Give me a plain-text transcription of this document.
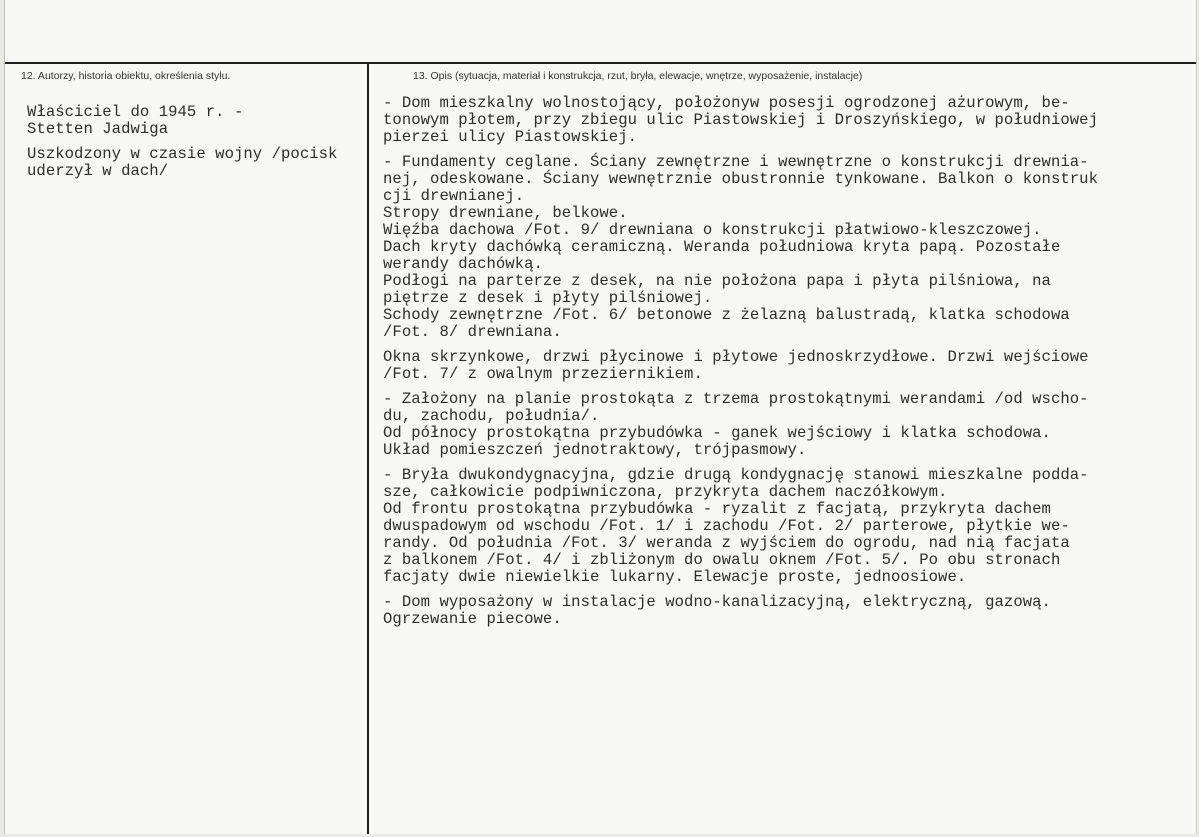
12. Autorzy, historia obiektu, określenia stylu.	13. Opis (sytuacja, materiał i konstrukcja, rzut, bryła, elewacje, wnętrze, wyposażenie, instalacje)

Właściciel do 1945 r. -
Stetten Jadwiga

Uszkodzony w czasie wojny /pocisk
uderzył w dach/

- Dom mieszkalny wolnostojący, położonyw posesji ogrodzonej ażurowym, be-
tonowym płotem, przy zbiegu ulic Piastowskiej i Droszyńskiego, w południowej
pierzei ulicy Piastowskiej.

- Fundamenty ceglane. Ściany zewnętrzne i wewnętrzne o konstrukcji drewnia-
nej, odeskowane. Ściany wewnętrznie obustronnie tynkowane. Balkon o konstruk
cji drewnianej.
Stropy drewniane, belkowe.
Więźba dachowa /Fot. 9/ drewniana o konstrukcji płatwiowo-kleszczowej.
Dach kryty dachówką ceramiczną. Weranda południowa kryta papą. Pozostałe
werandy dachówką.
Podłogi na parterze z desek, na nie położona papa i płyta pilśniowa, na
piętrze z desek i płyty pilśniowej.
Schody zewnętrzne /Fot. 6/ betonowe z żelazną balustradą, klatka schodowa
/Fot. 8/ drewniana.

Okna skrzynkowe, drzwi płycinowe i płytowe jednoskrzydłowe. Drzwi wejściowe
/Fot. 7/ z owalnym przeziernikiem.

- Założony na planie prostokąta z trzema prostokątnymi werandami /od wscho-
du, zachodu, południa/.
Od północy prostokątna przybudówka - ganek wejściowy i klatka schodowa.
Układ pomieszczeń jednotraktowy, trójpasmowy.

- Bryła dwukondygnacyjna, gdzie drugą kondygnację stanowi mieszkalne podda-
sze, całkowicie podpiwniczona, przykryta dachem naczółkowym.
Od frontu prostokątna przybudówka - ryzalit z facjatą, przykryta dachem
dwuspadowym od wschodu /Fot. 1/ i zachodu /Fot. 2/ parterowe, płytkie we-
randy. Od południa /Fot. 3/ weranda z wyjściem do ogrodu, nad nią facjata
z balkonem /Fot. 4/ i zbliżonym do owalu oknem /Fot. 5/. Po obu stronach
facjaty dwie niewielkie lukarny. Elewacje proste, jednoosiowe.

- Dom wyposażony w instalacje wodno-kanalizacyjną, elektryczną, gazową.
Ogrzewanie piecowe.
